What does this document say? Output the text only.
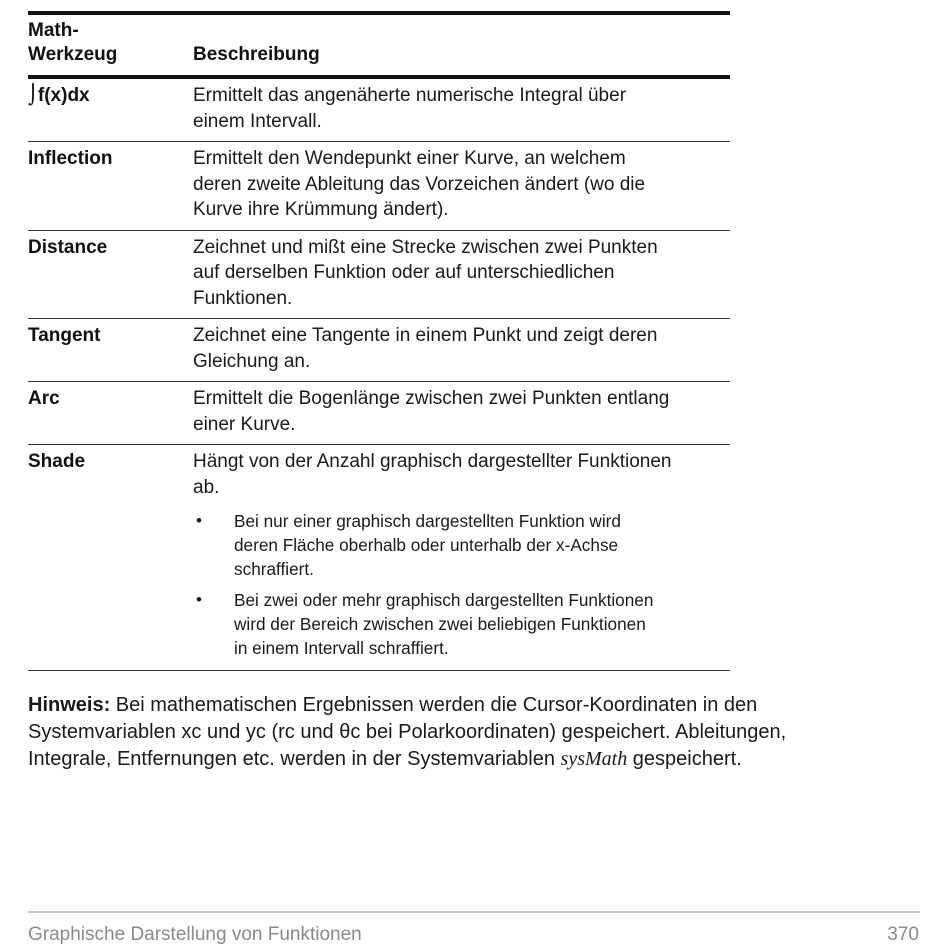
Math-
Werkzeug	Beschreibung
⌡f(x)dx	Ermittelt das angenäherte numerische Integral über
einem Intervall.
Inflection	Ermittelt den Wendepunkt einer Kurve, an welchem
deren zweite Ableitung das Vorzeichen ändert (wo die
Kurve ihre Krümmung ändert).
Distance	Zeichnet und mißt eine Strecke zwischen zwei Punkten
auf derselben Funktion oder auf unterschiedlichen
Funktionen.
Tangent	Zeichnet eine Tangente in einem Punkt und zeigt deren
Gleichung an.
Arc	Ermittelt die Bogenlänge zwischen zwei Punkten entlang
einer Kurve.
Shade	Hängt von der Anzahl graphisch dargestellter Funktionen
ab.
•	Bei nur einer graphisch dargestellten Funktion wird
deren Fläche oberhalb oder unterhalb der x-Achse
schraffiert.
•	Bei zwei oder mehr graphisch dargestellten Funktionen
wird der Bereich zwischen zwei beliebigen Funktionen
in einem Intervall schraffiert.
Hinweis: Bei mathematischen Ergebnissen werden die Cursor-Koordinaten in den
Systemvariablen xc und yc (rc und θc bei Polarkoordinaten) gespeichert. Ableitungen,
Integrale, Entfernungen etc. werden in der Systemvariablen sysMath gespeichert.
Graphische Darstellung von Funktionen	370
